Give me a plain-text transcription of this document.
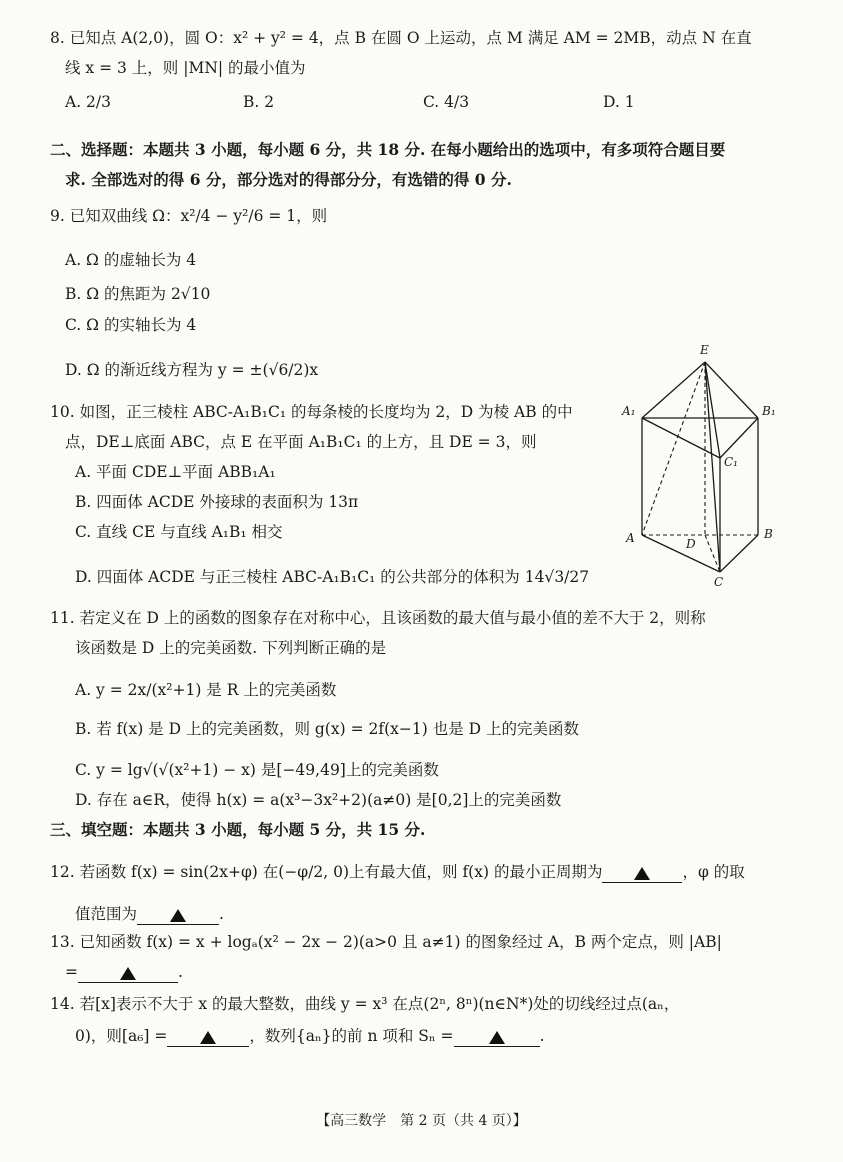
8. 已知点 A(2,0)，圆 O：x² + y² = 4，点 B 在圆 O 上运动，点 M 满足 AM = 2MB，动点 N 在直
线 x = 3 上，则 |MN| 的最小值为
A. 2/3	B. 2	C. 4/3	D. 1
二、选择题：本题共 3 小题，每小题 6 分，共 18 分. 在每小题给出的选项中，有多项符合题目要
求. 全部选对的得 6 分，部分选对的得部分分，有选错的得 0 分.
9. 已知双曲线 Ω：x²/4 − y²/6 = 1，则
A. Ω 的虚轴长为 4
B. Ω 的焦距为 2√10
C. Ω 的实轴长为 4
D. Ω 的渐近线方程为 y = ±(√6/2)x
10. 如图，正三棱柱 ABC-A₁B₁C₁ 的每条棱的长度均为 2，D 为棱 AB 的中
点，DE⊥底面 ABC，点 E 在平面 A₁B₁C₁ 的上方，且 DE = 3，则
A. 平面 CDE⊥平面 ABB₁A₁
B. 四面体 ACDE 外接球的表面积为 13π
C. 直线 CE 与直线 A₁B₁ 相交
D. 四面体 ACDE 与正三棱柱 ABC-A₁B₁C₁ 的公共部分的体积为 14√3/27
E
A₁	B₁
C₁
A	B
C
D
11. 若定义在 D 上的函数的图象存在对称中心，且该函数的最大值与最小值的差不大于 2，则称
该函数是 D 上的完美函数. 下列判断正确的是
A. y = 2x/(x²+1) 是 R 上的完美函数
B. 若 f(x) 是 D 上的完美函数，则 g(x) = 2f(x−1) 也是 D 上的完美函数
C. y = lg√(√(x²+1) − x) 是[−49,49]上的完美函数
D. 存在 a∈R，使得 h(x) = a(x³−3x²+2)(a≠0) 是[0,2]上的完美函数
三、填空题：本题共 3 小题，每小题 5 分，共 15 分.
12. 若函数 f(x) = sin(2x+φ) 在(−φ/2, 0)上有最大值，则 f(x) 的最小正周期为	，φ 的取
值范围为	.
13. 已知函数 f(x) = x + logₐ(x² − 2x − 2)(a>0 且 a≠1) 的图象经过 A，B 两个定点，则 |AB|
=	.
14. 若[x]表示不大于 x 的最大整数，曲线 y = x³ 在点(2ⁿ, 8ⁿ)(n∈N*)处的切线经过点(aₙ，
0)，则[a₆] =	，数列{aₙ}的前 n 项和 Sₙ =	.
【高三数学　第 2 页（共 4 页）】
